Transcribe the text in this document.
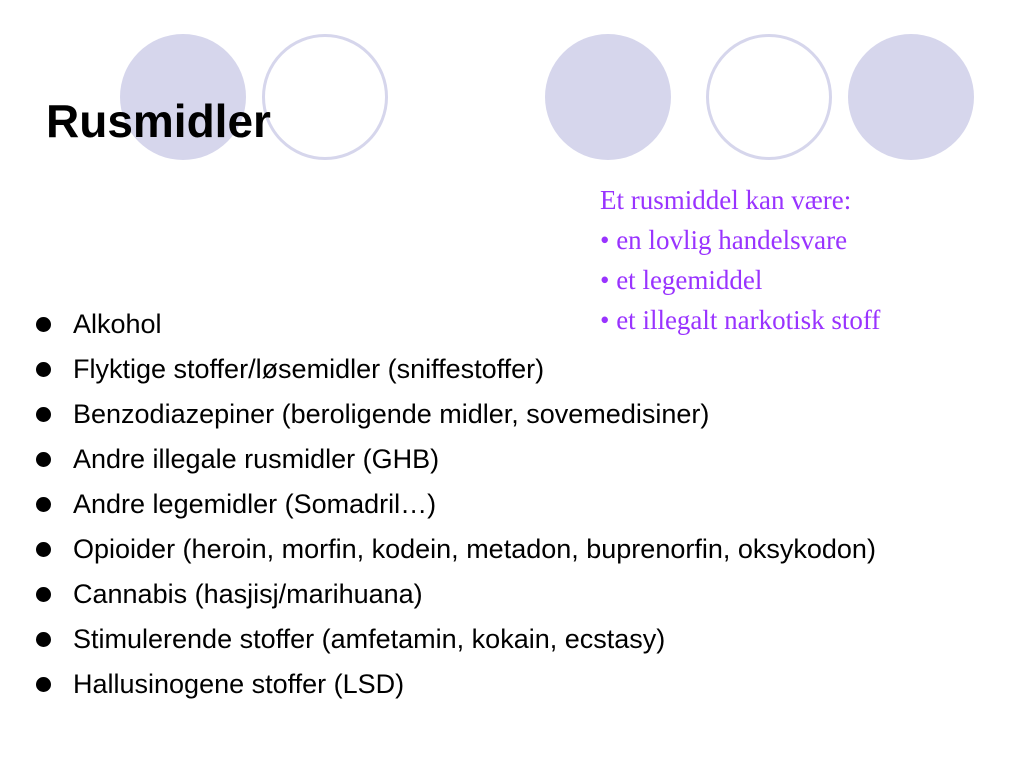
Rusmidler
Et rusmiddel kan være:
• en lovlig handelsvare
• et legemiddel
• et illegalt narkotisk stoff
Alkohol
Flyktige stoffer/løsemidler (sniffestoffer)
Benzodiazepiner (beroligende midler, sovemedisiner)
Andre illegale rusmidler (GHB)
Andre legemidler (Somadril…)
Opioider (heroin, morfin, kodein, metadon, buprenorfin, oksykodon)
Cannabis (hasjisj/marihuana)
Stimulerende stoffer (amfetamin, kokain, ecstasy)
Hallusinogene stoffer (LSD)
